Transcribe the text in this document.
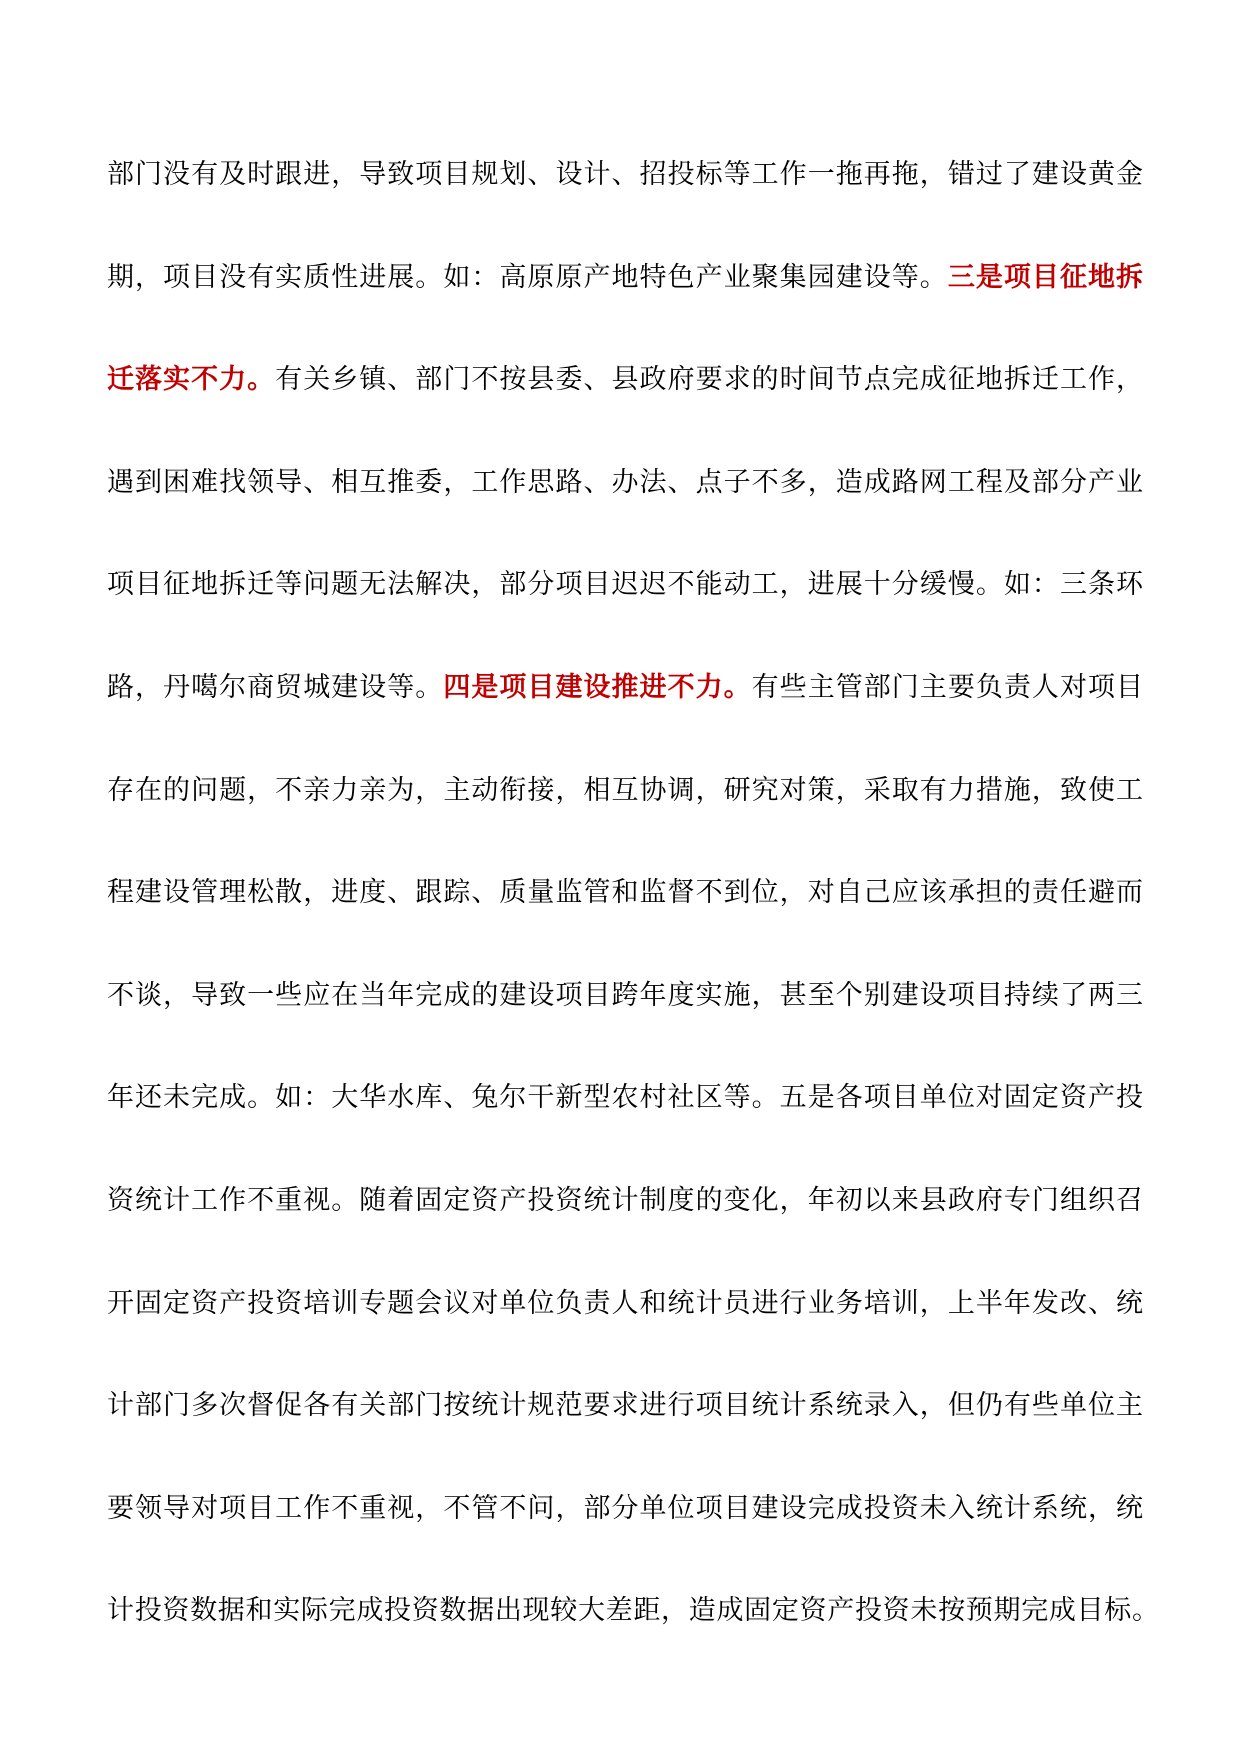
部门没有及时跟进，导致项目规划、设计、招投标等工作一拖再拖，错过了建设黄金
期，项目没有实质性进展。如：高原原产地特色产业聚集园建设等。三是项目征地拆
迁落实不力。有关乡镇、部门不按县委、县政府要求的时间节点完成征地拆迁工作，
遇到困难找领导、相互推委，工作思路、办法、点子不多，造成路网工程及部分产业
项目征地拆迁等问题无法解决，部分项目迟迟不能动工，进展十分缓慢。如：三条环
路，丹噶尔商贸城建设等。四是项目建设推进不力。有些主管部门主要负责人对项目
存在的问题，不亲力亲为，主动衔接，相互协调，研究对策，采取有力措施，致使工
程建设管理松散，进度、跟踪、质量监管和监督不到位，对自己应该承担的责任避而
不谈，导致一些应在当年完成的建设项目跨年度实施，甚至个别建设项目持续了两三
年还未完成。如：大华水库、兔尔干新型农村社区等。五是各项目单位对固定资产投
资统计工作不重视。随着固定资产投资统计制度的变化，年初以来县政府专门组织召
开固定资产投资培训专题会议对单位负责人和统计员进行业务培训，上半年发改、统
计部门多次督促各有关部门按统计规范要求进行项目统计系统录入，但仍有些单位主
要领导对项目工作不重视，不管不问，部分单位项目建设完成投资未入统计系统，统
计投资数据和实际完成投资数据出现较大差距，造成固定资产投资未按预期完成目标。
